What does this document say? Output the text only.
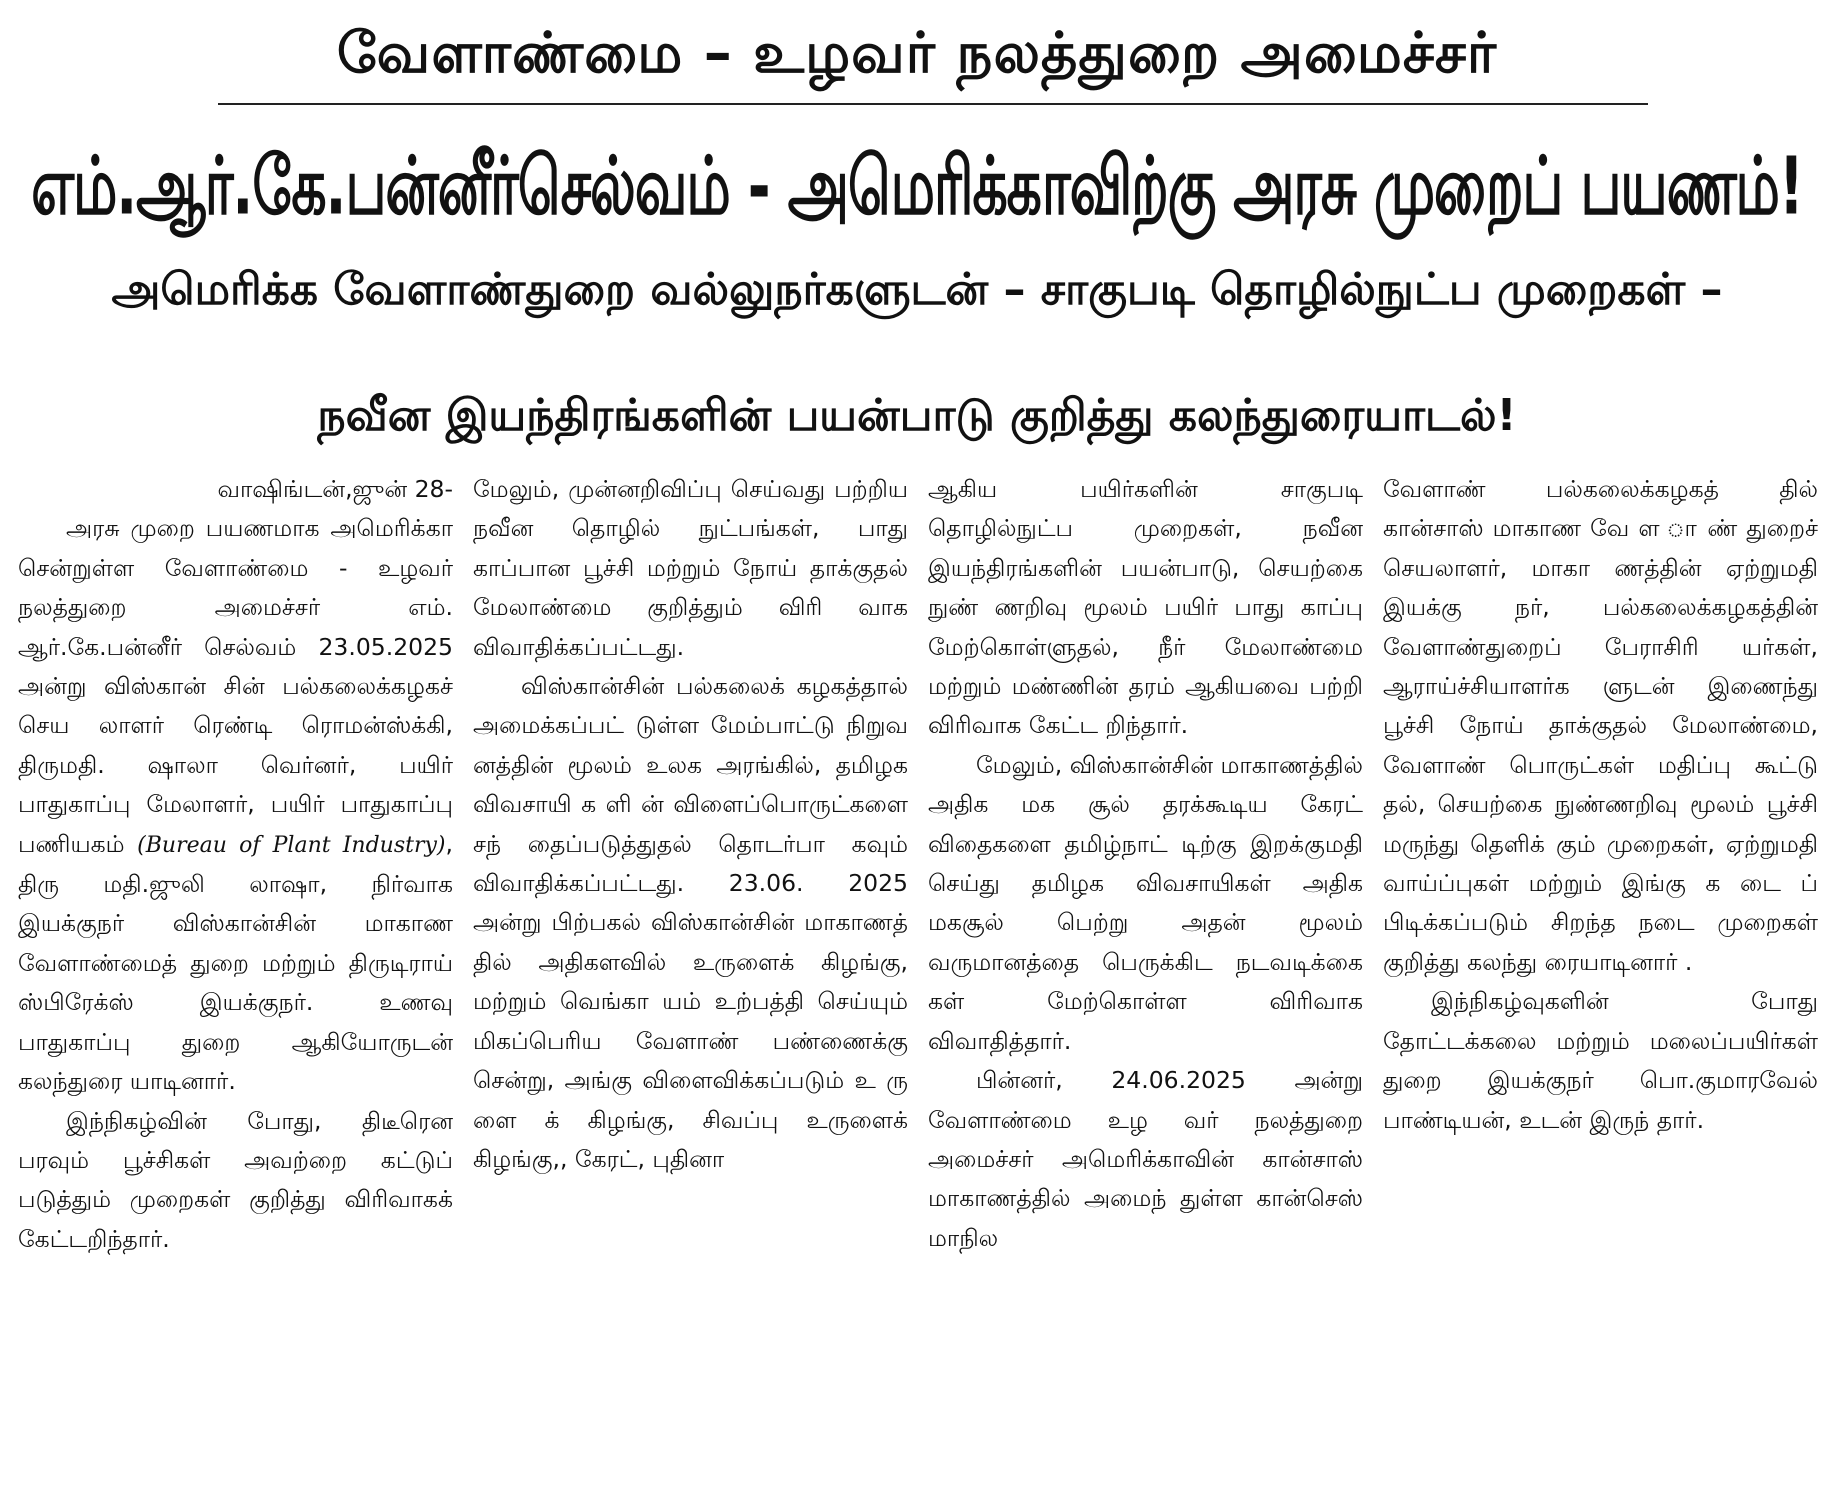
வேளாண்மை – உழவர் நலத்துறை அமைச்சர்
எம்.ஆர்.கே.பன்னீர்செல்வம் - அமெரிக்காவிற்கு அரசு முறைப் பயணம்!
அமெரிக்க வேளாண்துறை வல்லுநர்களுடன் – சாகுபடி தொழில்நுட்ப முறைகள் –
நவீன இயந்திரங்களின் பயன்பாடு குறித்து கலந்துரையாடல்!

வாஷிங்டன்,ஜுன் 28-

அரசு முறை பயணமாக அமெரிக்கா சென்றுள்ள வேளாண்மை - உழவர் நலத்துறை அமைச்சர் எம். ஆர்.கே.பன்னீர் செல்வம் 23.05.2025 அன்று விஸ்கான் சின் பல்கலைக்கழகச் செய லாளர் ரெண்டி ரொமன்ஸ்க்கி, திருமதி. ஷாலா வெர்னர், பயிர் பாதுகாப்பு மேலாளர், பயிர் பாதுகாப்பு பணியகம் (Bureau of Plant Industry), திரு மதி.ஜுலி லாஷா, நிர்வாக இயக்குநர் விஸ்கான்சின் மாகாண வேளாண்மைத் துறை மற்றும் திருடிராய் ஸ்பிரேக்ஸ் இயக்குநர். உணவு பாதுகாப்பு துறை ஆகியோருடன் கலந்துரை யாடினார்.

இந்நிகழ்வின் போது, திடீரென பரவும் பூச்சிகள் அவற்றை கட்டுப் படுத்தும் முறைகள் குறித்து விரிவாகக் கேட்டறிந்தார்.

மேலும், முன்னறிவிப்பு செய்வது பற்றிய நவீன தொழில் நுட்பங்கள், பாது காப்பான பூச்சி மற்றும் நோய் தாக்குதல் மேலாண்மை குறித்தும் விரி வாக விவாதிக்கப்பட்டது.

விஸ்கான்சின் பல்கலைக் கழகத்தால் அமைக்கப்பட் டுள்ள மேம்பாட்டு நிறுவ னத்தின் மூலம் உலக அரங்கில், தமிழக விவசாயி க ளி ன் விளைப்பொருட்களை சந் தைப்படுத்துதல் தொடர்பா கவும் விவாதிக்கப்பட்டது. 23.06. 2025 அன்று பிற்பகல் விஸ்கான்சின் மாகாணத் தில் அதிகளவில் உருளைக் கிழங்கு, மற்றும் வெங்கா யம் உற்பத்தி செய்யும் மிகப்பெரிய வேளாண் பண்ணைக்கு சென்று, அங்கு விளைவிக்கப்படும் உ ரு ளை க் கிழங்கு, சிவப்பு உருளைக் கிழங்கு,, கேரட், புதினா

ஆகிய பயிர்களின் சாகுபடி தொழில்நுட்ப முறைகள், நவீன இயந்திரங்களின் பயன்பாடு, செயற்கை நுண் ணறிவு மூலம் பயிர் பாது காப்பு மேற்கொள்ளுதல், நீர் மேலாண்மை மற்றும் மண்ணின் தரம் ஆகியவை பற்றி விரிவாக கேட்ட றிந்தார்.

மேலும், விஸ்கான்சின் மாகாணத்தில் அதிக மக சூல் தரக்கூடிய கேரட் விதைகளை தமிழ்நாட் டிற்கு இறக்குமதி செய்து தமிழக விவசாயிகள் அதிக மகசூல் பெற்று அதன் மூலம் வருமானத்தை பெருக்கிட நடவடிக்கை கள் மேற்கொள்ள விரிவாக விவாதித்தார்.

பின்னர், 24.06.2025 அன்று வேளாண்மை உழ வர் நலத்துறை அமைச்சர் அமெரிக்காவின் கான்சாஸ் மாகாணத்தில் அமைந் துள்ள கான்செஸ் மாநில

வேளாண் பல்கலைக்கழகத் தில் கான்சாஸ் மாகாண வே ள ா ண் துறைச் செயலாளர், மாகா ணத்தின் ஏற்றுமதி இயக்கு நர், பல்கலைக்கழகத்தின் வேளாண்துறைப் பேராசிரி யர்கள், ஆராய்ச்சியாளர்க ளுடன் இணைந்து பூச்சி நோய் தாக்குதல் மேலாண்மை, வேளாண் பொருட்கள் மதிப்பு கூட்டு தல், செயற்கை நுண்ணறிவு மூலம் பூச்சி மருந்து தெளிக் கும் முறைகள், ஏற்றுமதி வாய்ப்புகள் மற்றும் இங்கு க டை ப் பிடிக்கப்படும் சிறந்த நடை முறைகள் குறித்து கலந்து ரையாடினார் .

இந்நிகழ்வுகளின் போது தோட்டக்கலை மற்றும் மலைப்பயிர்கள் துறை இயக்குநர் பொ.குமாரவேல் பாண்டியன், உடன் இருந் தார்.
